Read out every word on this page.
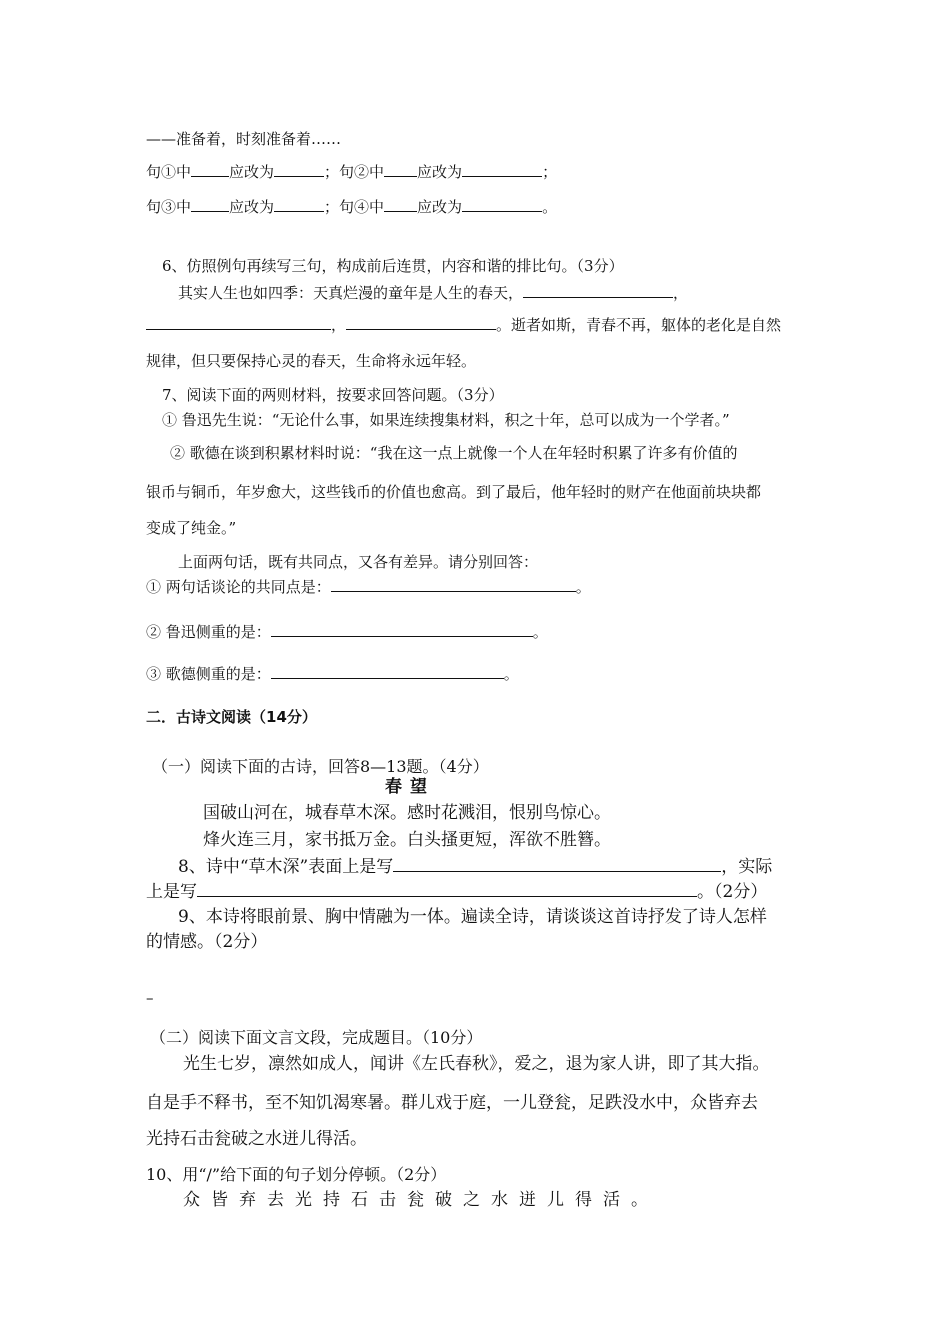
——准备着，时刻准备着……
句①中	应改为	；句②中 应改为	；
句③中	应改为	；句④中 应改为	。
6、仿照例句再续写三句，构成前后连贯，内容和谐的排比句。（3分）
其实人生也如四季：天真烂漫的童年是人生的春天，	，
，	。逝者如斯，青春不再，躯体的老化是自然
规律，但只要保持心灵的春天，生命将永远年轻。
7、阅读下面的两则材料，按要求回答问题。（3分）
① 鲁迅先生说：“无论什么事，如果连续搜集材料，积之十年，总可以成为一个学者。”
② 歌德在谈到积累材料时说：“我在这一点上就像一个人在年轻时积累了许多有价值的
银币与铜币，年岁愈大，这些钱币的价值也愈高。到了最后，他年轻时的财产在他面前块块都
变成了纯金。”
上面两句话，既有共同点，又各有差异。请分别回答：
① 两句话谈论的共同点是：	。
② 鲁迅侧重的是：	。
③ 歌德侧重的是：	。
二．古诗文阅读（14分）
（一）阅读下面的古诗，回答8—13题。（4分）
春望
国破山河在，城春草木深。感时花溅泪，恨别鸟惊心。
烽火连三月，家书抵万金。白头搔更短，浑欲不胜簪。
8、诗中“草木深”表面上是写	，实际
上是写	。（2分）
9、本诗将眼前景、胸中情融为一体。遍读全诗，请谈谈这首诗抒发了诗人怎样
的情感。（2分）
–
（二）阅读下面文言文段，完成题目。（10分）
光生七岁，凛然如成人，闻讲《左氏春秋》，爱之，退为家人讲，即了其大指。
自是手不释书，至不知饥渴寒暑。群儿戏于庭，一儿登瓮，足跌没水中，众皆弃去
光持石击瓮破之水迸儿得活。
10、用“/”给下面的句子划分停顿。（2分）
众皆弃去光持石击瓮破之水迸儿得活。
